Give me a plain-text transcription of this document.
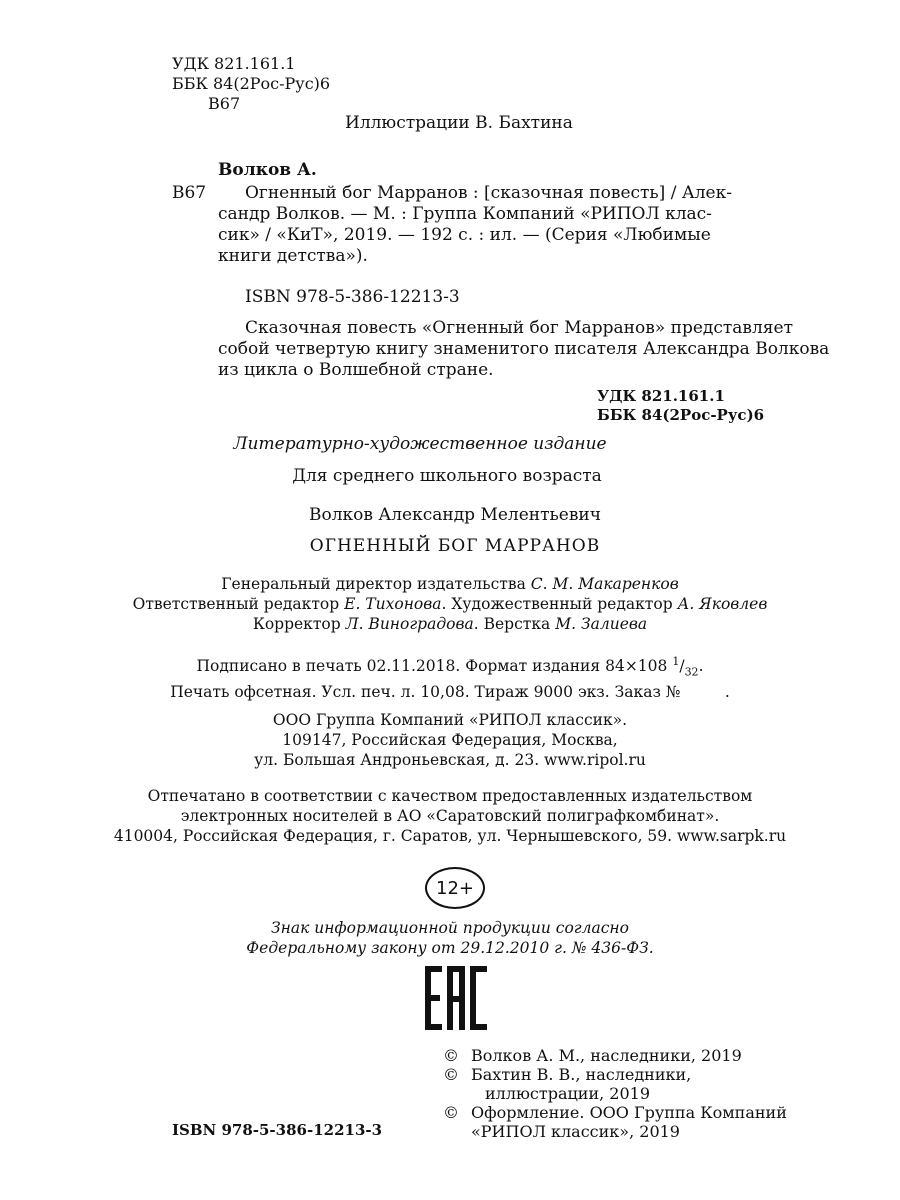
УДК 821.161.1
ББК 84(2Рос-Рус)6
В67
Иллюстрации В. Бахтина
Волков А.
В67	Огненный бог Марранов : [сказочная повесть] / Алек-
сандр Волков. — М. : Группа Компаний «РИПОЛ клас-
сик» / «КиТ», 2019. — 192 с. : ил. — (Серия «Любимые
книги детства»).
ISBN 978-5-386-12213-3
Сказочная повесть «Огненный бог Марранов» представляет
собой четвертую книгу знаменитого писателя Александра Волкова
из цикла о Волшебной стране.
УДК 821.161.1
ББК 84(2Рос-Рус)6
Литературно-художественное издание
Для среднего школьного возраста
Волков Александр Мелентьевич
ОГНЕННЫЙ БОГ МАРРАНОВ
Генеральный директор издательства С. М. Макаренков
Ответственный редактор Е. Тихонова. Художественный редактор А. Яковлев
Корректор Л. Виноградова. Верстка М. Залиева
Подписано в печать 02.11.2018. Формат издания 84×108 $^1/_{32}$.
Печать офсетная. Усл. печ. л. 10,08. Тираж 9000 экз. Заказ №         .
ООО Группа Компаний «РИПОЛ классик».
109147, Российская Федерация, Москва,
ул. Большая Андроньевская, д. 23. www.ripol.ru
Отпечатано в соответствии с качеством предоставленных издательством
электронных носителей в АО «Саратовский полиграфкомбинат».
410004, Российская Федерация, г. Саратов, ул. Чернышевского, 59. www.sarpk.ru
12+
Знак информационной продукции согласно
Федеральному закону от 29.12.2010 г. № 436-ФЗ.
ISBN 978-5-386-12213-3
© Волков А. М., наследники, 2019
© Бахтин В. В., наследники,
иллюстрации, 2019
© Оформление. ООО Группа Компаний
«РИПОЛ классик», 2019
